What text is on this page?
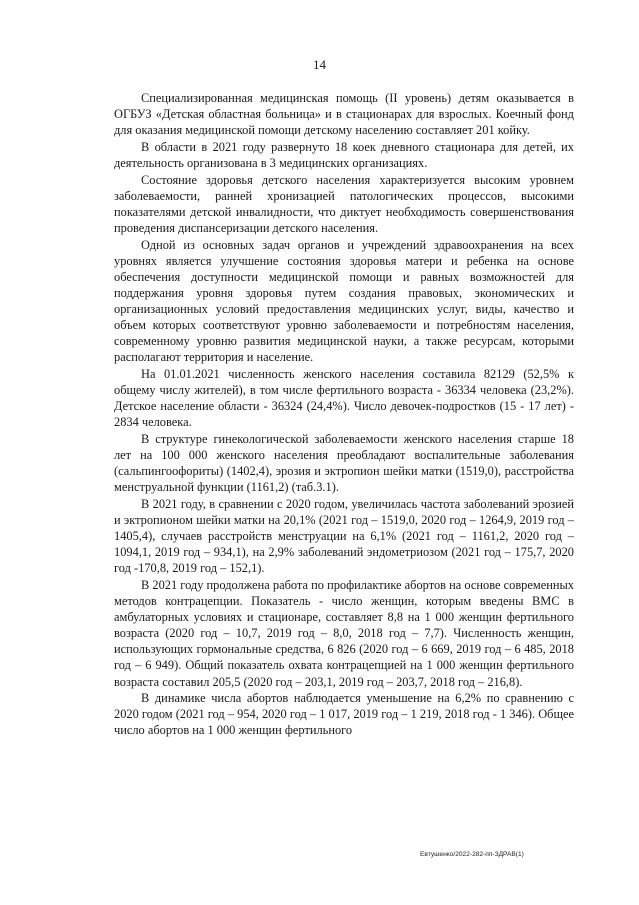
14

Специализированная медицинская помощь (II уровень) детям оказывается в ОГБУЗ «Детская областная больница» и в стационарах для взрослых. Коечный фонд для оказания медицинской помощи детскому населению составляет 201 койку.

В области в 2021 году развернуто 18 коек дневного стационара для детей, их деятельность организована в 3 медицинских организациях.

Состояние здоровья детского населения характеризуется высоким уровнем заболеваемости, ранней хронизацией патологических процессов, высокими показателями детской инвалидности, что диктует необходимость совершенствования проведения диспансеризации детского населения.

Одной из основных задач органов и учреждений здравоохранения на всех уровнях является улучшение состояния здоровья матери и ребенка на основе обеспечения доступности медицинской помощи и равных возможностей для поддержания уровня здоровья путем создания правовых, экономических и организационных условий предоставления медицинских услуг, виды, качество и объем которых соответствуют уровню заболеваемости и потребностям населения, современному уровню развития медицинской науки, а также ресурсам, которыми располагают территория и население.

На 01.01.2021 численность женского населения составила 82129 (52,5% к общему числу жителей), в том числе фертильного возраста - 36334 человека (23,2%). Детское население области - 36324 (24,4%). Число девочек-подростков (15 - 17 лет) - 2834 человека.

В структуре гинекологической заболеваемости женского населения старше 18 лет на 100 000 женского населения преобладают воспалительные заболевания (сальпингоофориты) (1402,4), эрозия и эктропион шейки матки (1519,0), расстройства менструальной функции (1161,2) (таб.3.1).

В 2021 году, в сравнении с 2020 годом, увеличилась частота заболеваний эрозией и эктропионом шейки матки на 20,1% (2021 год – 1519,0, 2020 год – 1264,9, 2019 год – 1405,4), случаев расстройств менструации на 6,1% (2021 год – 1161,2, 2020 год – 1094,1, 2019 год – 934,1), на 2,9% заболеваний эндометриозом (2021 год – 175,7, 2020 год -170,8, 2019 год – 152,1).

В 2021 году продолжена работа по профилактике абортов на основе современных методов контрацепции. Показатель - число женщин, которым введены ВМС в амбулаторных условиях и стационаре, составляет 8,8 на 1 000 женщин фертильного возраста (2020 год – 10,7, 2019 год – 8,0, 2018 год – 7,7). Численность женщин, использующих гормональные средства, 6 826 (2020 год – 6 669, 2019 год – 6 485, 2018 год – 6 949). Общий показатель охвата контрацепцией на 1 000 женщин фертильного возраста составил 205,5 (2020 год – 203,1, 2019 год – 203,7, 2018 год – 216,8).

В динамике числа абортов наблюдается уменьшение на 6,2% по сравнению с 2020 годом (2021 год – 954, 2020 год – 1 017, 2019 год – 1 219, 2018 год - 1 346). Общее число абортов на 1 000 женщин фертильного

Евтушенко/2022-282-пп-ЗДРАВ(1)
